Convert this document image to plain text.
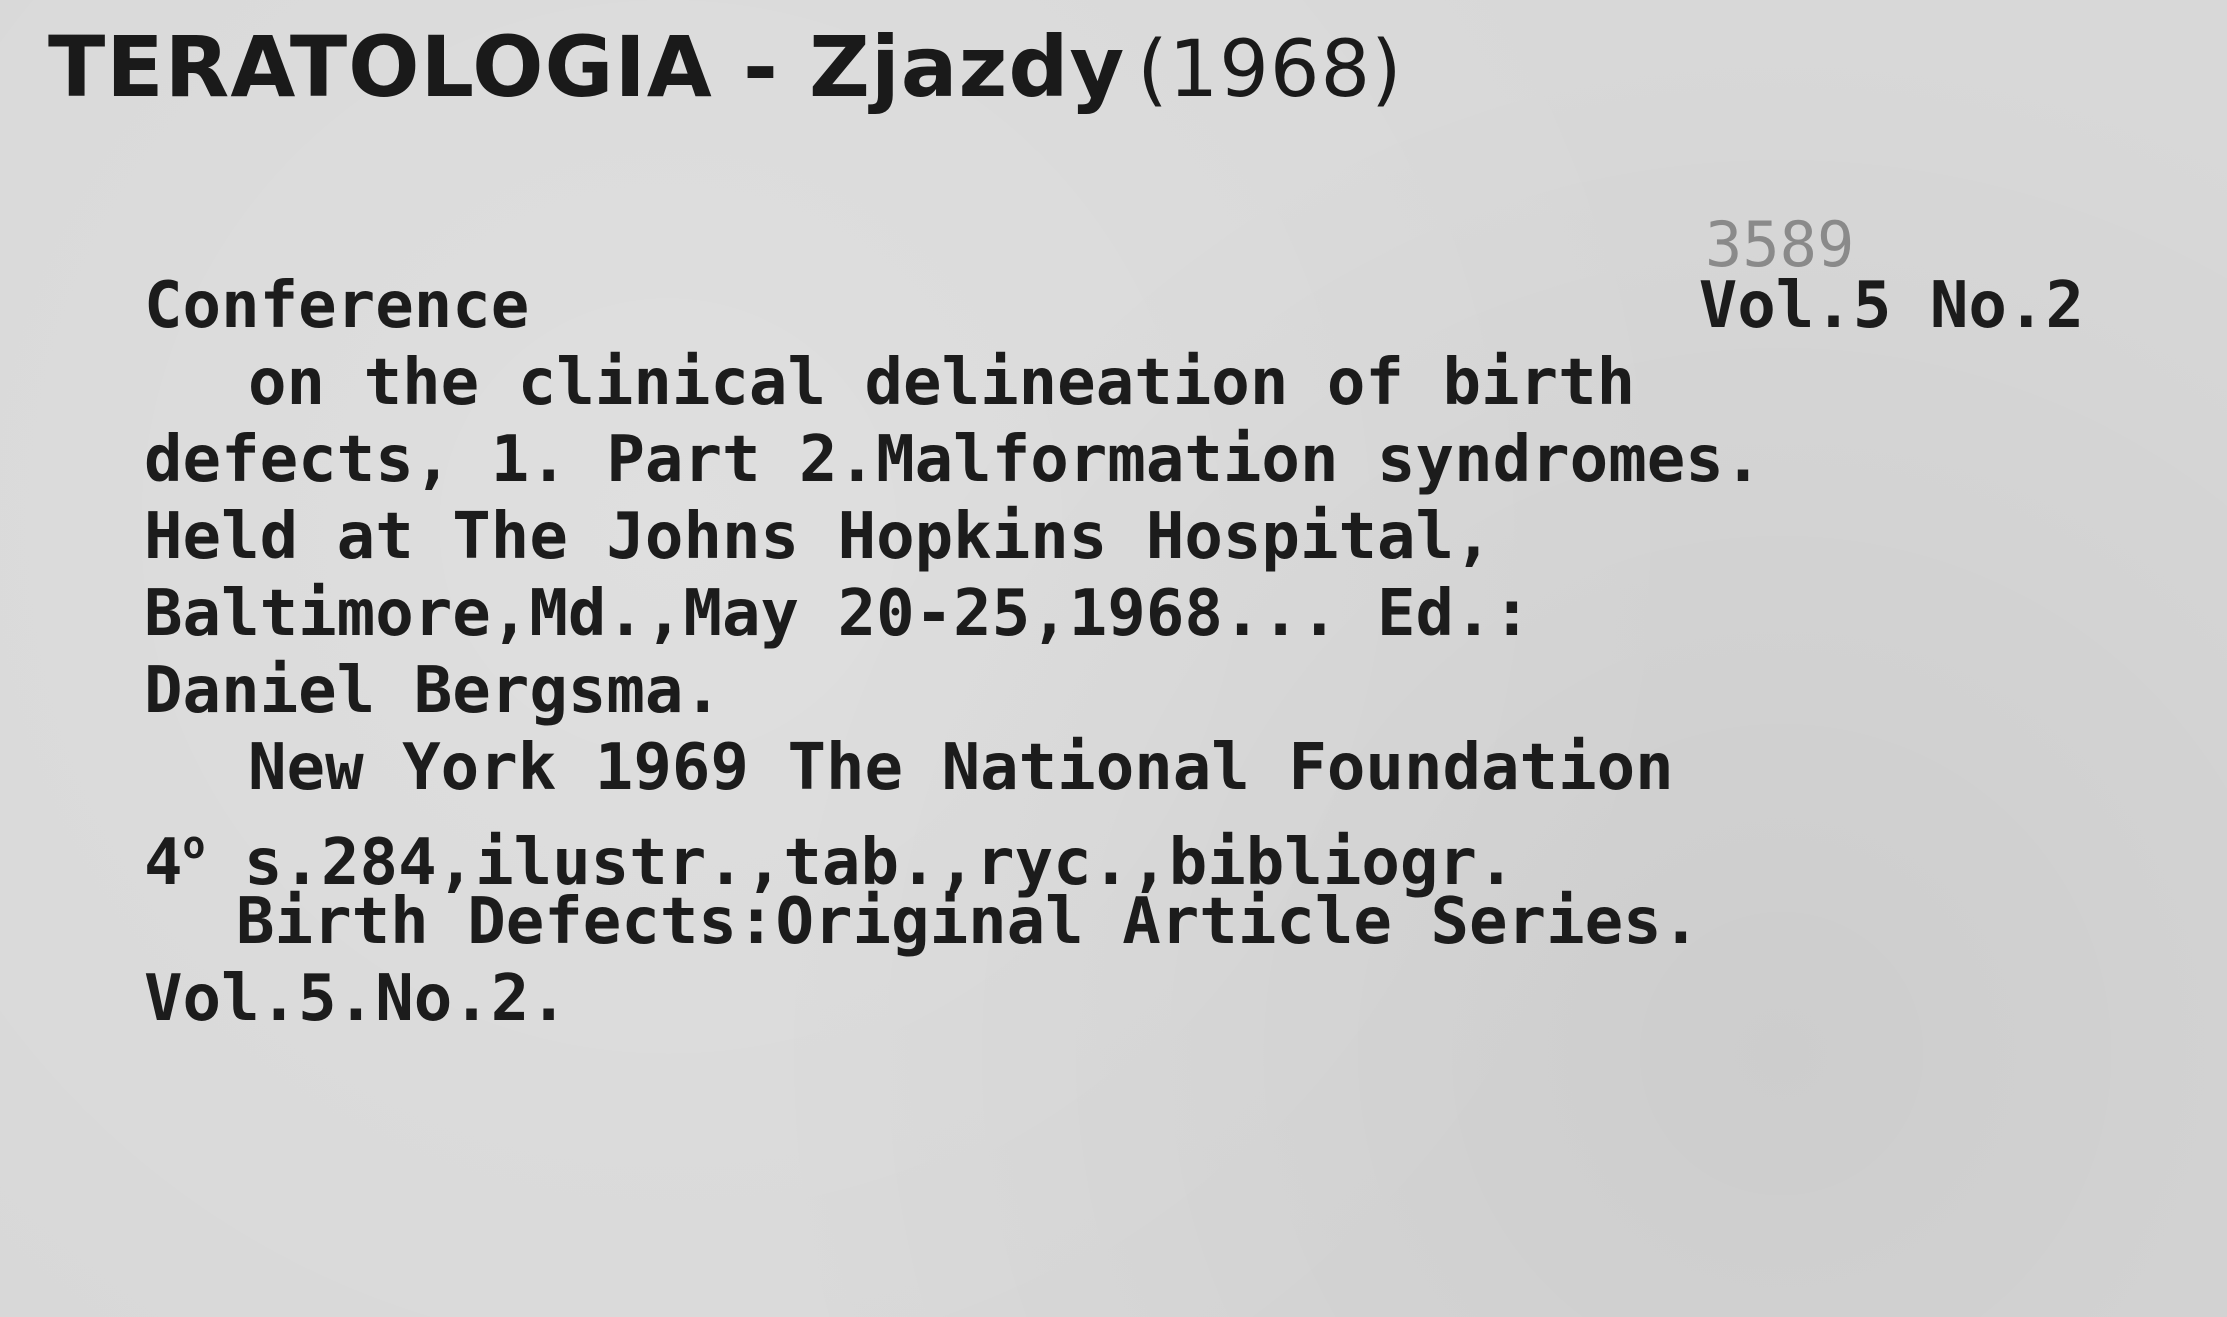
TERATOLOGIA - Zjazdy (1968)
3589
Conference	Vol.5 No.2
on the clinical delineation of birth
defects, 1. Part 2.Malformation syndromes.
Held at The Johns Hopkins Hospital,
Baltimore,Md.,May 20-25,1968... Ed.:
Daniel Bergsma.
New York 1969 The National Foundation
4$^o$ s.284,ilustr.,tab.,ryc.,bibliogr.
Birth Defects:Original Article Series.
Vol.5.No.2.
